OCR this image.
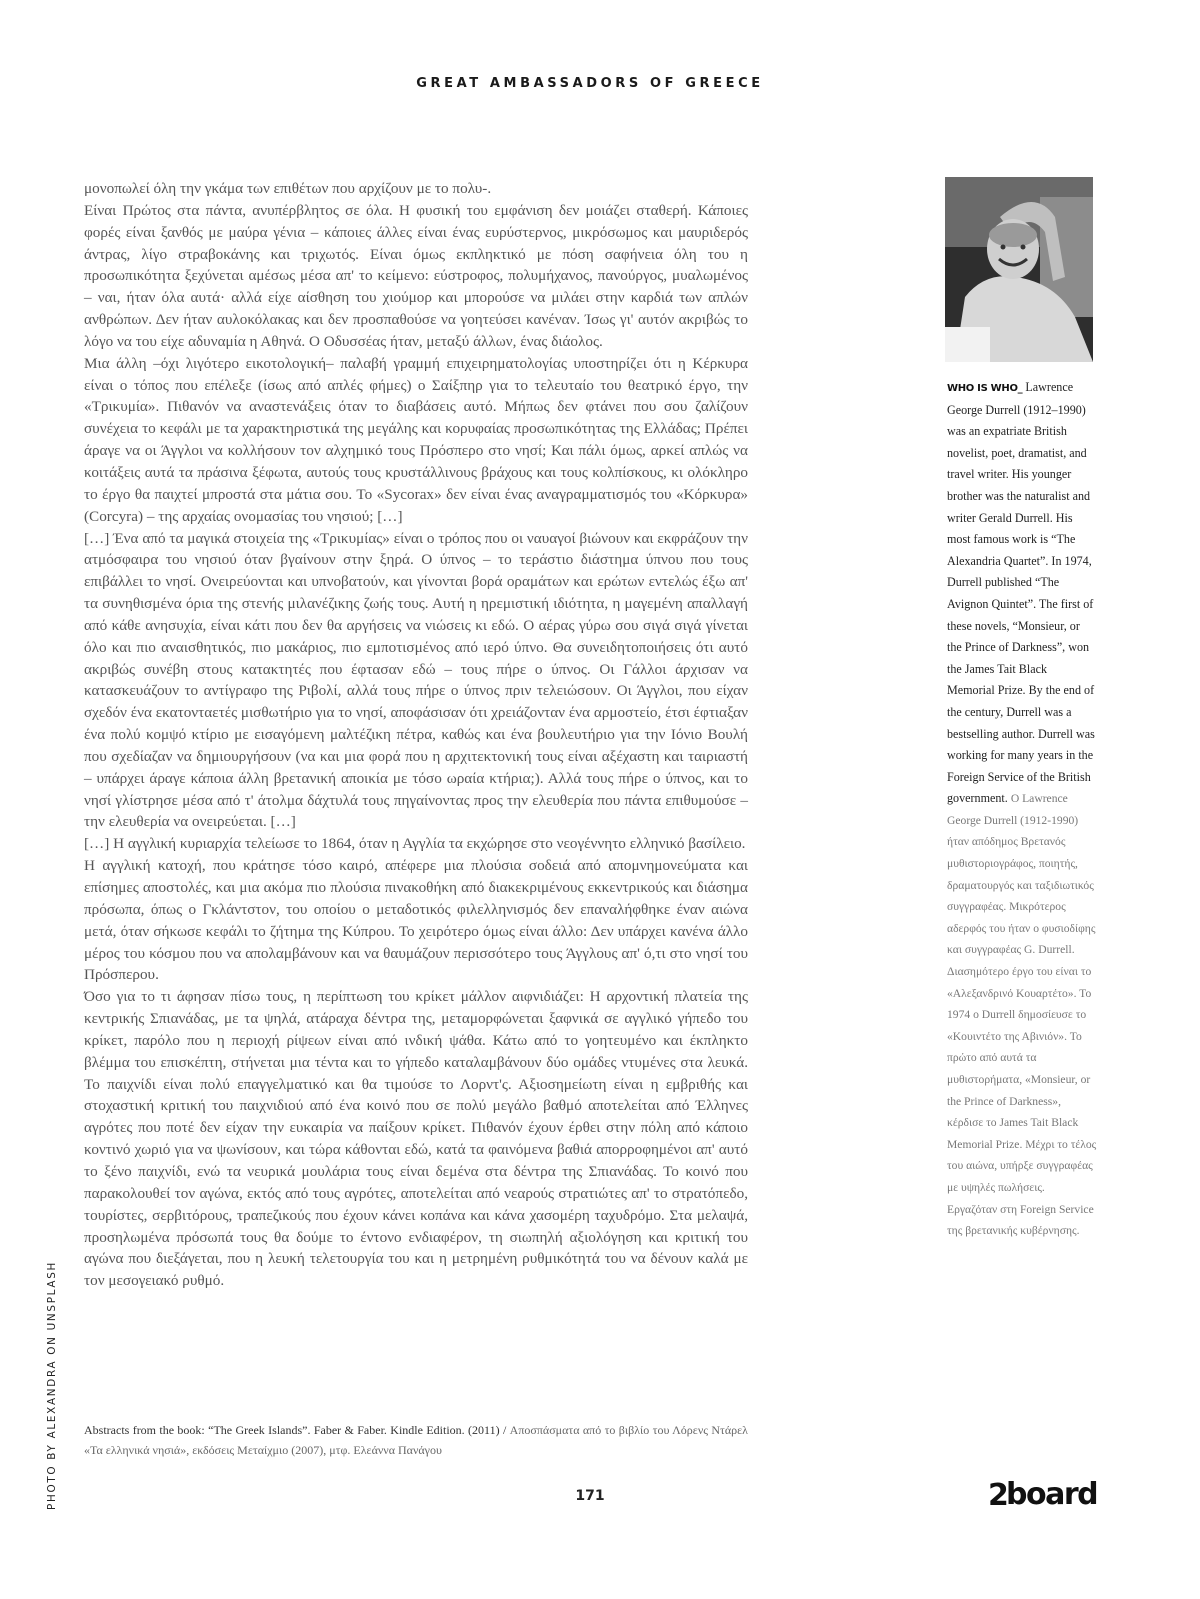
GREAT AMBASSADORS OF GREECE

μονοπωλεί όλη την γκάμα των επιθέτων που αρχίζουν με το πολυ-.

Είναι Πρώτος στα πάντα, ανυπέρβλητος σε όλα. Η φυσική του εμφάνιση δεν μοιάζει σταθερή. Κάποιες φορές είναι ξανθός με μαύρα γένια – κάποιες άλλες είναι ένας ευρύστερνος, μικρόσωμος και μαυριδερός άντρας, λίγο στραβοκάνης και τριχωτός. Είναι όμως εκπληκτικό με πόση σαφήνεια όλη του η προσωπικότητα ξεχύνεται αμέσως μέσα απ' το κείμενο: εύστροφος, πολυμήχανος, πανούργος, μυαλωμένος – ναι, ήταν όλα αυτά· αλλά είχε αίσθηση του χιούμορ και μπορούσε να μιλάει στην καρδιά των απλών ανθρώπων. Δεν ήταν αυλοκόλακας και δεν προσπαθούσε να γοητεύσει κανέναν. Ίσως γι' αυτόν ακριβώς το λόγο να του είχε αδυναμία η Αθηνά. Ο Οδυσσέας ήταν, μεταξύ άλλων, ένας διάολος.

Μια άλλη –όχι λιγότερο εικοτολογική– παλαβή γραμμή επιχειρηματολογίας υποστηρίζει ότι η Κέρκυρα είναι ο τόπος που επέλεξε (ίσως από απλές φήμες) ο Σαίξπηρ για το τελευταίο του θεατρικό έργο, την «Τρικυμία». Πιθανόν να αναστενάξεις όταν το διαβάσεις αυτό. Μήπως δεν φτάνει που σου ζαλίζουν συνέχεια το κεφάλι με τα χαρακτηριστικά της μεγάλης και κορυφαίας προσωπικότητας της Ελλάδας; Πρέπει άραγε να οι Άγγλοι να κολλήσουν τον αλχημικό τους Πρόσπερο στο νησί; Και πάλι όμως, αρκεί απλώς να κοιτάξεις αυτά τα πράσινα ξέφωτα, αυτούς τους κρυστάλλινους βράχους και τους κολπίσκους, κι ολόκληρο το έργο θα παιχτεί μπροστά στα μάτια σου. Το «Sycorax» δεν είναι ένας αναγραμματισμός του «Κόρκυρα» (Corcyra) – της αρχαίας ονομασίας του νησιού; […]

[…] Ένα από τα μαγικά στοιχεία της «Τρικυμίας» είναι ο τρόπος που οι ναυαγοί βιώνουν και εκφράζουν την ατμόσφαιρα του νησιού όταν βγαίνουν στην ξηρά. Ο ύπνος – το τεράστιο διάστημα ύπνου που τους επιβάλλει το νησί. Ονειρεύονται και υπνοβατούν, και γίνονται βορά οραμάτων και ερώτων εντελώς έξω απ' τα συνηθισμένα όρια της στενής μιλανέζικης ζωής τους. Αυτή η ηρεμιστική ιδιότητα, η μαγεμένη απαλλαγή από κάθε ανησυχία, είναι κάτι που δεν θα αργήσεις να νιώσεις κι εδώ. Ο αέρας γύρω σου σιγά σιγά γίνεται όλο και πιο αναισθητικός, πιο μακάριος, πιο εμποτισμένος από ιερό ύπνο. Θα συνειδητοποιήσεις ότι αυτό ακριβώς συνέβη στους κατακτητές που έφτασαν εδώ – τους πήρε ο ύπνος. Οι Γάλλοι άρχισαν να κατασκευάζουν το αντίγραφο της Ριβολί, αλλά τους πήρε ο ύπνος πριν τελειώσουν. Οι Άγγλοι, που είχαν σχεδόν ένα εκατονταετές μισθωτήριο για το νησί, αποφάσισαν ότι χρειάζονταν ένα αρμοστείο, έτσι έφτιαξαν ένα πολύ κομψό κτίριο με εισαγόμενη μαλτέζικη πέτρα, καθώς και ένα βουλευτήριο για την Ιόνιο Βουλή που σχεδίαζαν να δημιουργήσουν (να και μια φορά που η αρχιτεκτονική τους είναι αξέχαστη και ταιριαστή – υπάρχει άραγε κάποια άλλη βρετανική αποικία με τόσο ωραία κτήρια;). Αλλά τους πήρε ο ύπνος, και το νησί γλίστρησε μέσα από τ' άτολμα δάχτυλά τους πηγαίνοντας προς την ελευθερία που πάντα επιθυμούσε – την ελευθερία να ονειρεύεται. […]

[…] Η αγγλική κυριαρχία τελείωσε το 1864, όταν η Αγγλία τα εκχώρησε στο νεογέννητο ελληνικό βασίλειο.

Η αγγλική κατοχή, που κράτησε τόσο καιρό, απέφερε μια πλούσια σοδειά από απομνημονεύματα και επίσημες αποστολές, και μια ακόμα πιο πλούσια πινακοθήκη από διακεκριμένους εκκεντρικούς και διάσημα πρόσωπα, όπως ο Γκλάντστον, του οποίου ο μεταδοτικός φιλελληνισμός δεν επαναλήφθηκε έναν αιώνα μετά, όταν σήκωσε κεφάλι το ζήτημα της Κύπρου. Το χειρότερο όμως είναι άλλο: Δεν υπάρχει κανένα άλλο μέρος του κόσμου που να απολαμβάνουν και να θαυμάζουν περισσότερο τους Άγγλους απ' ό,τι στο νησί του Πρόσπερου.

Όσο για το τι άφησαν πίσω τους, η περίπτωση του κρίκετ μάλλον αιφνιδιάζει: Η αρχοντική πλατεία της κεντρικής Σπιανάδας, με τα ψηλά, ατάραχα δέντρα της, μεταμορφώνεται ξαφνικά σε αγγλικό γήπεδο του κρίκετ, παρόλο που η περιοχή ρίψεων είναι από ινδική ψάθα. Κάτω από το γοητευμένο και έκπληκτο βλέμμα του επισκέπτη, στήνεται μια τέντα και το γήπεδο καταλαμβάνουν δύο ομάδες ντυμένες στα λευκά. Το παιχνίδι είναι πολύ επαγγελματικό και θα τιμούσε το Λορντ'ς. Αξιοσημείωτη είναι η εμβριθής και στοχαστική κριτική του παιχνιδιού από ένα κοινό που σε πολύ μεγάλο βαθμό αποτελείται από Έλληνες αγρότες που ποτέ δεν είχαν την ευκαιρία να παίξουν κρίκετ. Πιθανόν έχουν έρθει στην πόλη από κάποιο κοντινό χωριό για να ψωνίσουν, και τώρα κάθονται εδώ, κατά τα φαινόμενα βαθιά απορροφημένοι απ' αυτό το ξένο παιχνίδι, ενώ τα νευρικά μουλάρια τους είναι δεμένα στα δέντρα της Σπιανάδας. Το κοινό που παρακολουθεί τον αγώνα, εκτός από τους αγρότες, αποτελείται από νεαρούς στρατιώτες απ' το στρατόπεδο, τουρίστες, σερβιτόρους, τραπεζικούς που έχουν κάνει κοπάνα και κάνα χασομέρη ταχυδρόμο. Στα μελαψά, προσηλωμένα πρόσωπά τους θα δούμε το έντονο ενδιαφέρον, τη σιωπηλή αξιολόγηση και κριτική του αγώνα που διεξάγεται, που η λευκή τελετουργία του και η μετρημένη ρυθμικότητά του να δένουν καλά με τον μεσογειακό ρυθμό.

Abstracts from the book: “The Greek Islands”. Faber & Faber. Kindle Edition. (2011) / Αποσπάσματα από το βιβλίο του Λόρενς Ντάρελ «Τα ελληνικά νησιά», εκδόσεις Μεταίχμιο (2007), μτφ. Ελεάννα Πανάγου
WHO IS WHO_ Lawrence George Durrell (1912–1990) was an expatriate British novelist, poet, dramatist, and travel writer. His younger brother was the naturalist and writer Gerald Durrell. His most famous work is “The Alexandria Quartet”. In 1974, Durrell published “The Avignon Quintet”. The first of these novels, “Monsieur, or the Prince of Darkness”, won the James Tait Black Memorial Prize. By the end of the century, Durrell was a bestselling author. Durrell was working for many years in the Foreign Service of the British government. Ο Lawrence George Durrell (1912-1990) ήταν απόδημος Βρετανός μυθιστοριογράφος, ποιητής, δραματουργός και ταξιδιωτικός συγγραφέας. Μικρότερος αδερφός του ήταν ο φυσιοδίφης και συγγραφέας G. Durrell. Διασημότερο έργο του είναι το «Αλεξανδρινό Κουαρτέτο». Το 1974 ο Durrell δημοσίευσε το «Κουιντέτο της Αβινιόν». Το πρώτο από αυτά τα μυθιστορήματα, «Monsieur, or the Prince of Darkness», κέρδισε το James Tait Black Memorial Prize. Μέχρι το τέλος του αιώνα, υπήρξε συγγραφέας με υψηλές πωλήσεις. Εργαζόταν στη Foreign Service της βρετανικής κυβέρνησης.
PHOTO BY ALEXANDRA ON UNSPLASH	171	2
board
